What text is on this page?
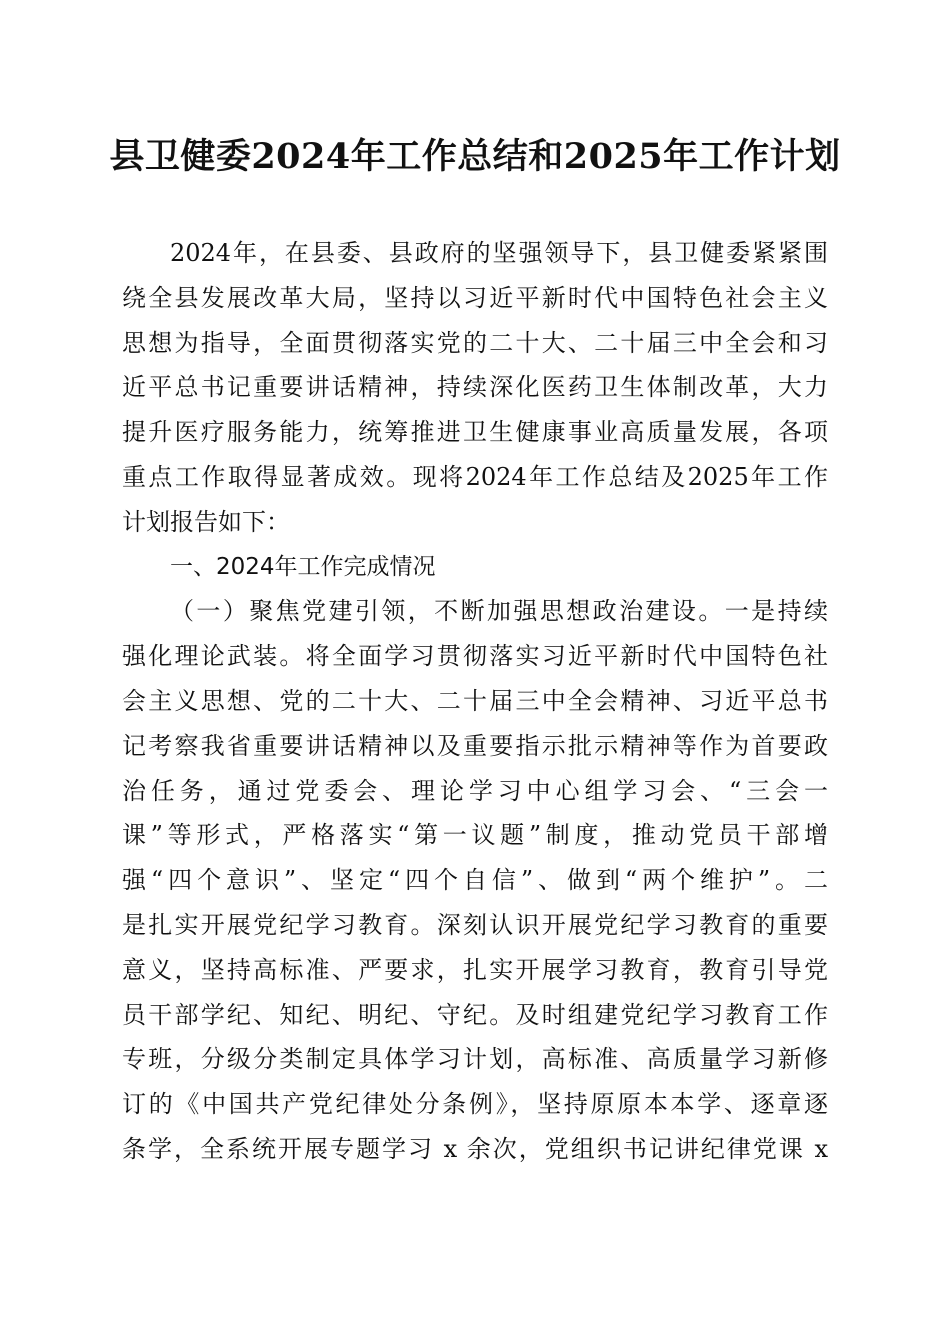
县卫健委2024年工作总结和2025年工作计划
2024年，在县委、县政府的坚强领导下，县卫健委紧紧围
绕全县发展改革大局，坚持以习近平新时代中国特色社会主义
思想为指导，全面贯彻落实党的二十大、二十届三中全会和习
近平总书记重要讲话精神，持续深化医药卫生体制改革，大力
提升医疗服务能力，统筹推进卫生健康事业高质量发展，各项
重点工作取得显著成效。现将2024年工作总结及2025年工作
计划报告如下：
一、2024年工作完成情况
（一）聚焦党建引领，不断加强思想政治建设。一是持续
强化理论武装。将全面学习贯彻落实习近平新时代中国特色社
会主义思想、党的二十大、二十届三中全会精神、习近平总书
记考察我省重要讲话精神以及重要指示批示精神等作为首要政
治任务，通过党委会、理论学习中心组学习会、“三会一
课”等形式，严格落实“第一议题”制度，推动党员干部增
强“四个意识”、坚定“四个自信”、做到“两个维护”。二
是扎实开展党纪学习教育。深刻认识开展党纪学习教育的重要
意义，坚持高标准、严要求，扎实开展学习教育，教育引导党
员干部学纪、知纪、明纪、守纪。及时组建党纪学习教育工作
专班，分级分类制定具体学习计划，高标准、高质量学习新修
订的《中国共产党纪律处分条例》，坚持原原本本学、逐章逐
条学，全系统开展专题学习 x 余次，党组织书记讲纪律党课 x
